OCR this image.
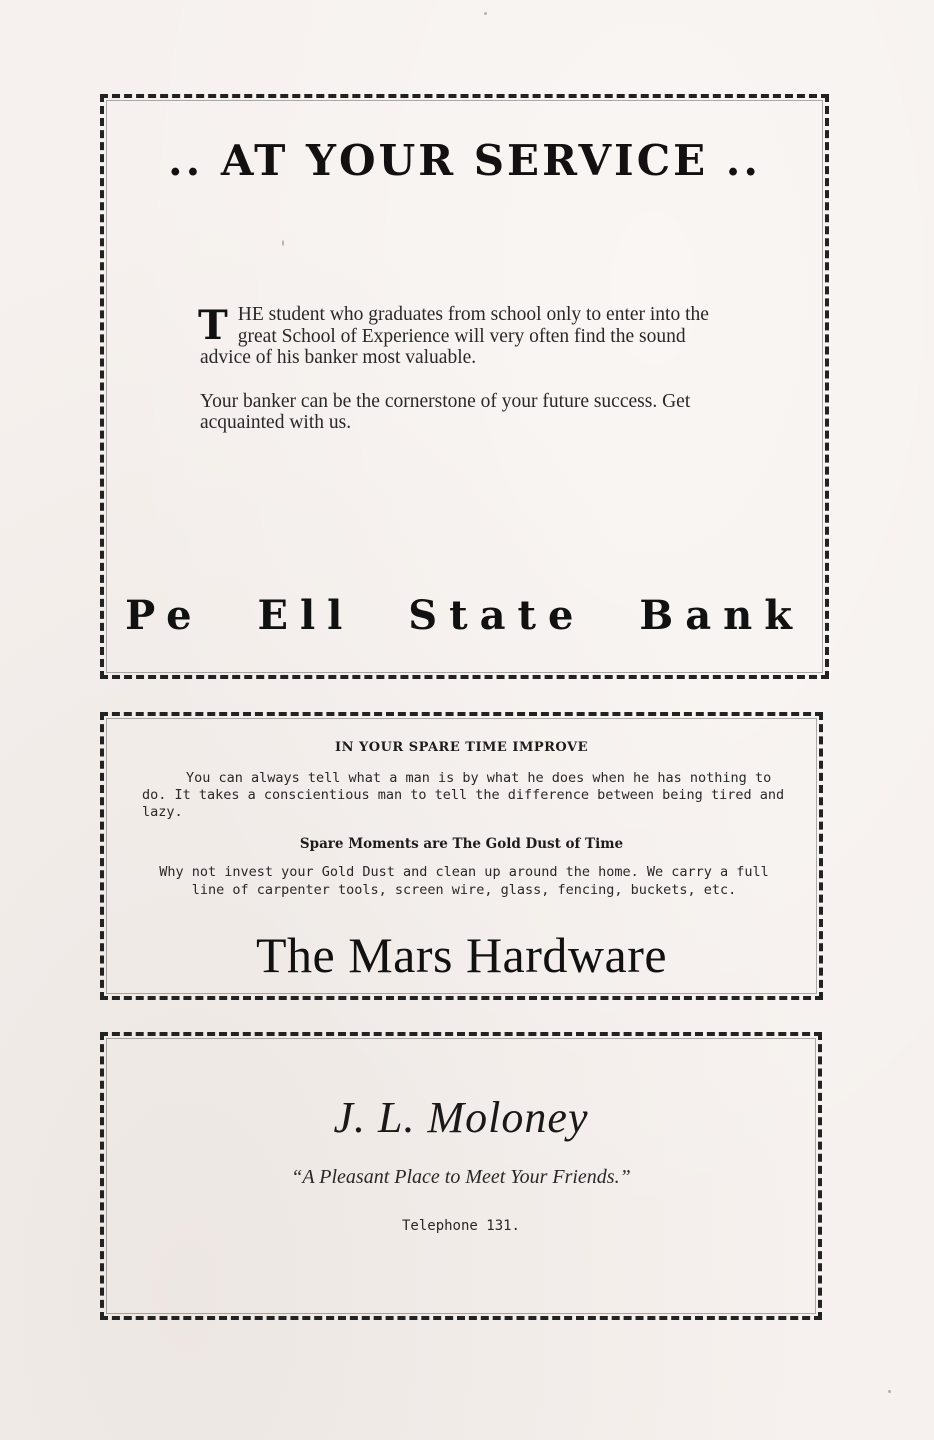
.. AT YOUR SERVICE ..

THE student who graduates from school only to enter into the great School of Experience will very often find the sound advice of his banker most valuable.

Your banker can be the cornerstone of your future success. Get acquainted with us.

Pe Ell State Bank
IN YOUR SPARE TIME IMPROVE

You can always tell what a man is by what he does when he has nothing to do. It takes a conscientious man to tell the difference between being tired and lazy.

Spare Moments are The Gold Dust of Time

Why not invest your Gold Dust and clean up around the home. We carry a full line of carpenter tools, screen wire, glass, fencing, buckets, etc.

The Mars Hardware
J. L. Moloney
“A Pleasant Place to Meet Your Friends.”
Telephone 131.
